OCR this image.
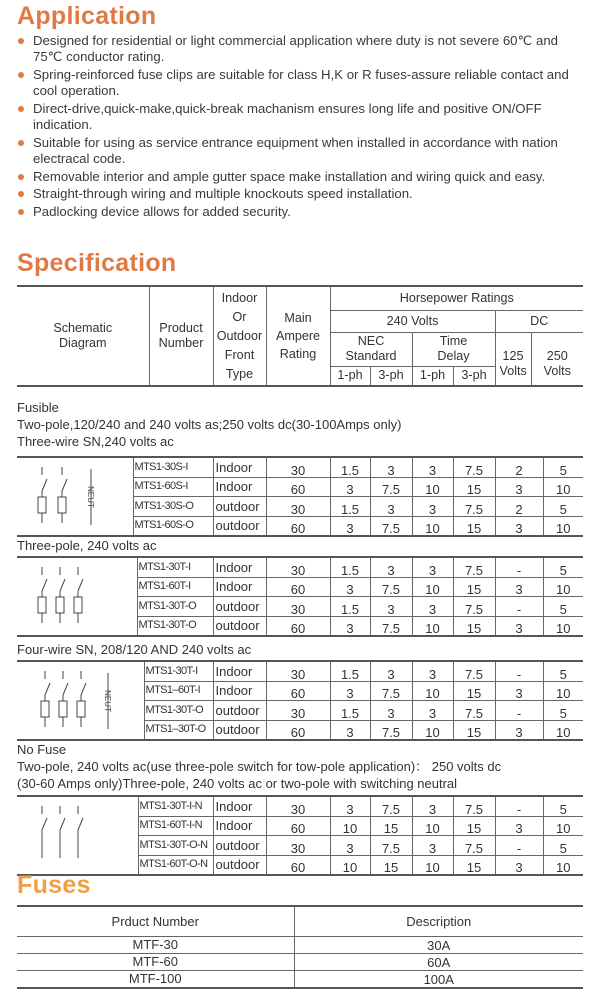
Application
Designed for residential or light commercial application where duty is not severe 60℃ and 75℃ conductor rating.
Spring-reinforced fuse clips are suitable for class H,K or R fuses-assure reliable contact and cool operation.
Direct-drive,quick-make,quick-break machanism ensures long life and positive ON/OFF indication.
Suitable for using as service entrance equipment when installed in accordance with nation electracal code.
Removable interior and ample gutter space make installation and wiring quick and easy.
Straight-through wiring and multiple knockouts speed installation.
Padlocking device allows for added security.
Specification
Schematic Diagram	Product Number	Indoor Or Outdoor Front Type	Main Ampere Rating	Horsepower Ratings					
				240 Volts				DC	
				NEC Standard		Time Delay		125 Volts	250 Volts
				1-ph	3-ph	1-ph	3-ph		
Fusible
Two-pole,120/240 and 240 volts as;250 volts dc(30-100Amps only)
Three-wire SN,240 volts ac
NEUT	MTS1-30S-I	Indoor	30	1.5	3	3	7.5	2	5
	MTS1-60S-I	Indoor	60	3	7.5	10	15	3	10
	MTS1-30S-O	outdoor	30	1.5	3	3	7.5	2	5
	MTS1-60S-O	outdoor	60	3	7.5	10	15	3	10
Three-pole, 240 volts ac
	MTS1-30T-I	Indoor	30	1.5	3	3	7.5	-	5
	MTS1-60T-I	Indoor	60	3	7.5	10	15	3	10
	MTS1-30T-O	outdoor	30	1.5	3	3	7.5	-	5
	MTS1-30T-O	outdoor	60	3	7.5	10	15	3	10
Four-wire SN, 208/120 AND 240 volts ac
NEUT	MTS1-30T-I	Indoor	30	1.5	3	3	7.5	-	5
	MTS1–60T-I	Indoor	60	3	7.5	10	15	3	10
	MTS1-30T-O	outdoor	30	1.5	3	3	7.5	-	5
	MTS1–30T-O	outdoor	60	3	7.5	10	15	3	10
No Fuse
Two-pole, 240 volts ac(use three-pole switch for tow-pole application)： 250 volts dc
(30-60 Amps only)Three-pole, 240 volts ac or two-pole with switching neutral
	MTS1-30T-I-N	Indoor	30	3	7.5	3	7.5	-	5
	MTS1-60T-I-N	Indoor	60	10	15	10	15	3	10
	MTS1-30T-O-N	outdoor	30	3	7.5	3	7.5	-	5
	MTS1-60T-O-N	outdoor	60	10	15	10	15	3	10
Fuses
Prduct Number	Description
MTF-30	30A
MTF-60	60A
MTF-100	100A
